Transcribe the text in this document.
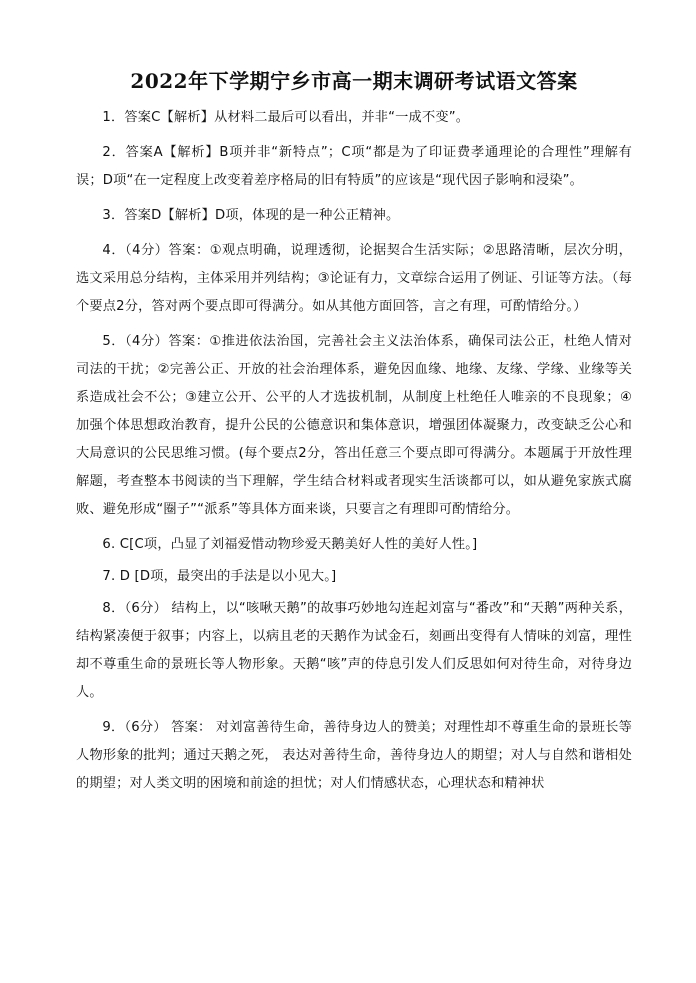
2022年下学期宁乡市高一期末调研考试语文答案

1．答案C【解析】从材料二最后可以看出，并非“一成不变”。

2．答案A【解析】B项并非“新特点”；C项“都是为了印证费孝通理论的合理性”理解有误；D项“在一定程度上改变着差序格局的旧有特质”的应该是“现代因子影响和浸染”。

3．答案D【解析】D项，体现的是一种公正精神。

4．（4分）答案：①观点明确，说理透彻，论据契合生活实际；②思路清晰，层次分明，选文采用总分结构，主体采用并列结构；③论证有力，文章综合运用了例证、引证等方法。（每个要点2分，答对两个要点即可得满分。如从其他方面回答，言之有理，可酌情给分。）

5．（4分）答案：①推进依法治国，完善社会主义法治体系，确保司法公正，杜绝人情对司法的干扰；②完善公正、开放的社会治理体系，避免因血缘、地缘、友缘、学缘、业缘等关系造成社会不公；③建立公开、公平的人才选拔机制，从制度上杜绝任人唯亲的不良现象；④加强个体思想政治教育，提升公民的公德意识和集体意识，增强团体凝聚力，改变缺乏公心和大局意识的公民思维习惯。(每个要点2分，答出任意三个要点即可得满分。本题属于开放性理解题，考查整本书阅读的当下理解，学生结合材料或者现实生活谈都可以，如从避免家族式腐败、避免形成“圈子”“派系”等具体方面来谈，只要言之有理即可酌情给分。

6. C[C项，凸显了刘福爱惜动物珍爱天鹅美好人性的美好人性。]

7. D [D项，最突出的手法是以小见大。]

8．（6分） 结构上，以“咳啾天鹅”的故事巧妙地勾连起刘富与“番改”和“天鹅”两种关系，结构紧凑便于叙事；内容上，以病且老的天鹅作为试金石，刻画出变得有人情味的刘富，理性却不尊重生命的景班长等人物形象。天鹅“咳”声的侍息引发人们反思如何对待生命，对待身边人。

9．（6分） 答案： 对刘富善待生命，善待身边人的赞美；对理性却不尊重生命的景班长等人物形象的批判；通过天鹅之死， 表达对善待生命，善待身边人的期望；对人与自然和谐相处的期望；对人类文明的困境和前途的担忧；对人们情感状态，心理状态和精神状
